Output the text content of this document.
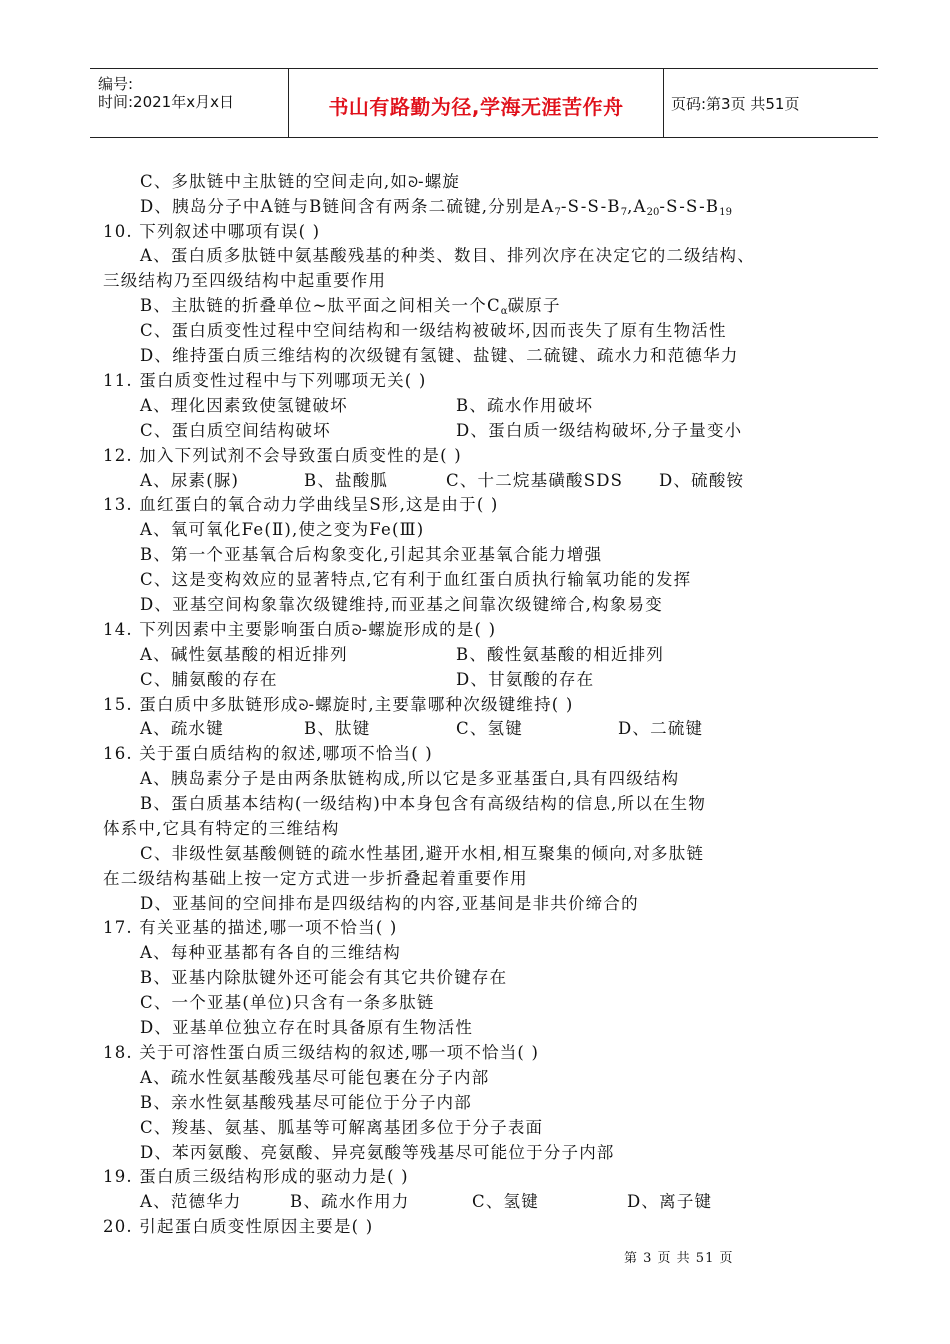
编号:
时间:2021年x月x日	书山有路勤为径,学海无涯苦作舟	页码:第3页 共51页
C、多肽链中主肽链的空间走向,如ᘐ-螺旋
D、胰岛分子中A链与B链间含有两条二硫键,分别是$A_7-S-S-B_7,A_{20}-S-S-B_{19}$
10. 下列叙述中哪项有误( )
A、蛋白质多肽链中氨基酸残基的种类、数目、排列次序在决定它的二级结构、
三级结构乃至四级结构中起重要作用
B、主肽链的折叠单位~肽平面之间相关一个$C_\alpha$碳原子
C、蛋白质变性过程中空间结构和一级结构被破坏,因而丧失了原有生物活性
D、维持蛋白质三维结构的次级键有氢键、盐键、二硫键、疏水力和范德华力
11. 蛋白质变性过程中与下列哪项无关( )
A、理化因素致使氢键破坏	B、疏水作用破坏
C、蛋白质空间结构破坏	D、蛋白质一级结构破坏,分子量变小
12. 加入下列试剂不会导致蛋白质变性的是( )
A、尿素(脲)	B、盐酸胍	C、十二烷基磺酸SDS D、硫酸铵
13. 血红蛋白的氧合动力学曲线呈S形,这是由于( )
A、氧可氧化Fe(Ⅱ),使之变为Fe(Ⅲ)
B、第一个亚基氧合后构象变化,引起其余亚基氧合能力增强
C、这是变构效应的显著特点,它有利于血红蛋白质执行输氧功能的发挥
D、亚基空间构象靠次级键维持,而亚基之间靠次级键缔合,构象易变
14. 下列因素中主要影响蛋白质ᘐ-螺旋形成的是( )
A、碱性氨基酸的相近排列	B、酸性氨基酸的相近排列
C、脯氨酸的存在	D、甘氨酸的存在
15. 蛋白质中多肽链形成ᘐ-螺旋时,主要靠哪种次级键维持( )
A、疏水键	B、肽键	C、氢键	D、二硫键
16. 关于蛋白质结构的叙述,哪项不恰当( )
A、胰岛素分子是由两条肽链构成,所以它是多亚基蛋白,具有四级结构
B、蛋白质基本结构(一级结构)中本身包含有高级结构的信息,所以在生物
体系中,它具有特定的三维结构
C、非级性氨基酸侧链的疏水性基团,避开水相,相互聚集的倾向,对多肽链
在二级结构基础上按一定方式进一步折叠起着重要作用
D、亚基间的空间排布是四级结构的内容,亚基间是非共价缔合的
17. 有关亚基的描述,哪一项不恰当( )
A、每种亚基都有各自的三维结构
B、亚基内除肽键外还可能会有其它共价键存在
C、一个亚基(单位)只含有一条多肽链
D、亚基单位独立存在时具备原有生物活性
18. 关于可溶性蛋白质三级结构的叙述,哪一项不恰当( )
A、疏水性氨基酸残基尽可能包裹在分子内部
B、亲水性氨基酸残基尽可能位于分子内部
C、羧基、氨基、胍基等可解离基团多位于分子表面
D、苯丙氨酸、亮氨酸、异亮氨酸等残基尽可能位于分子内部
19. 蛋白质三级结构形成的驱动力是( )
A、范德华力	B、疏水作用力	C、氢键	D、离子键
20. 引起蛋白质变性原因主要是( )
第 3 页 共 51 页
